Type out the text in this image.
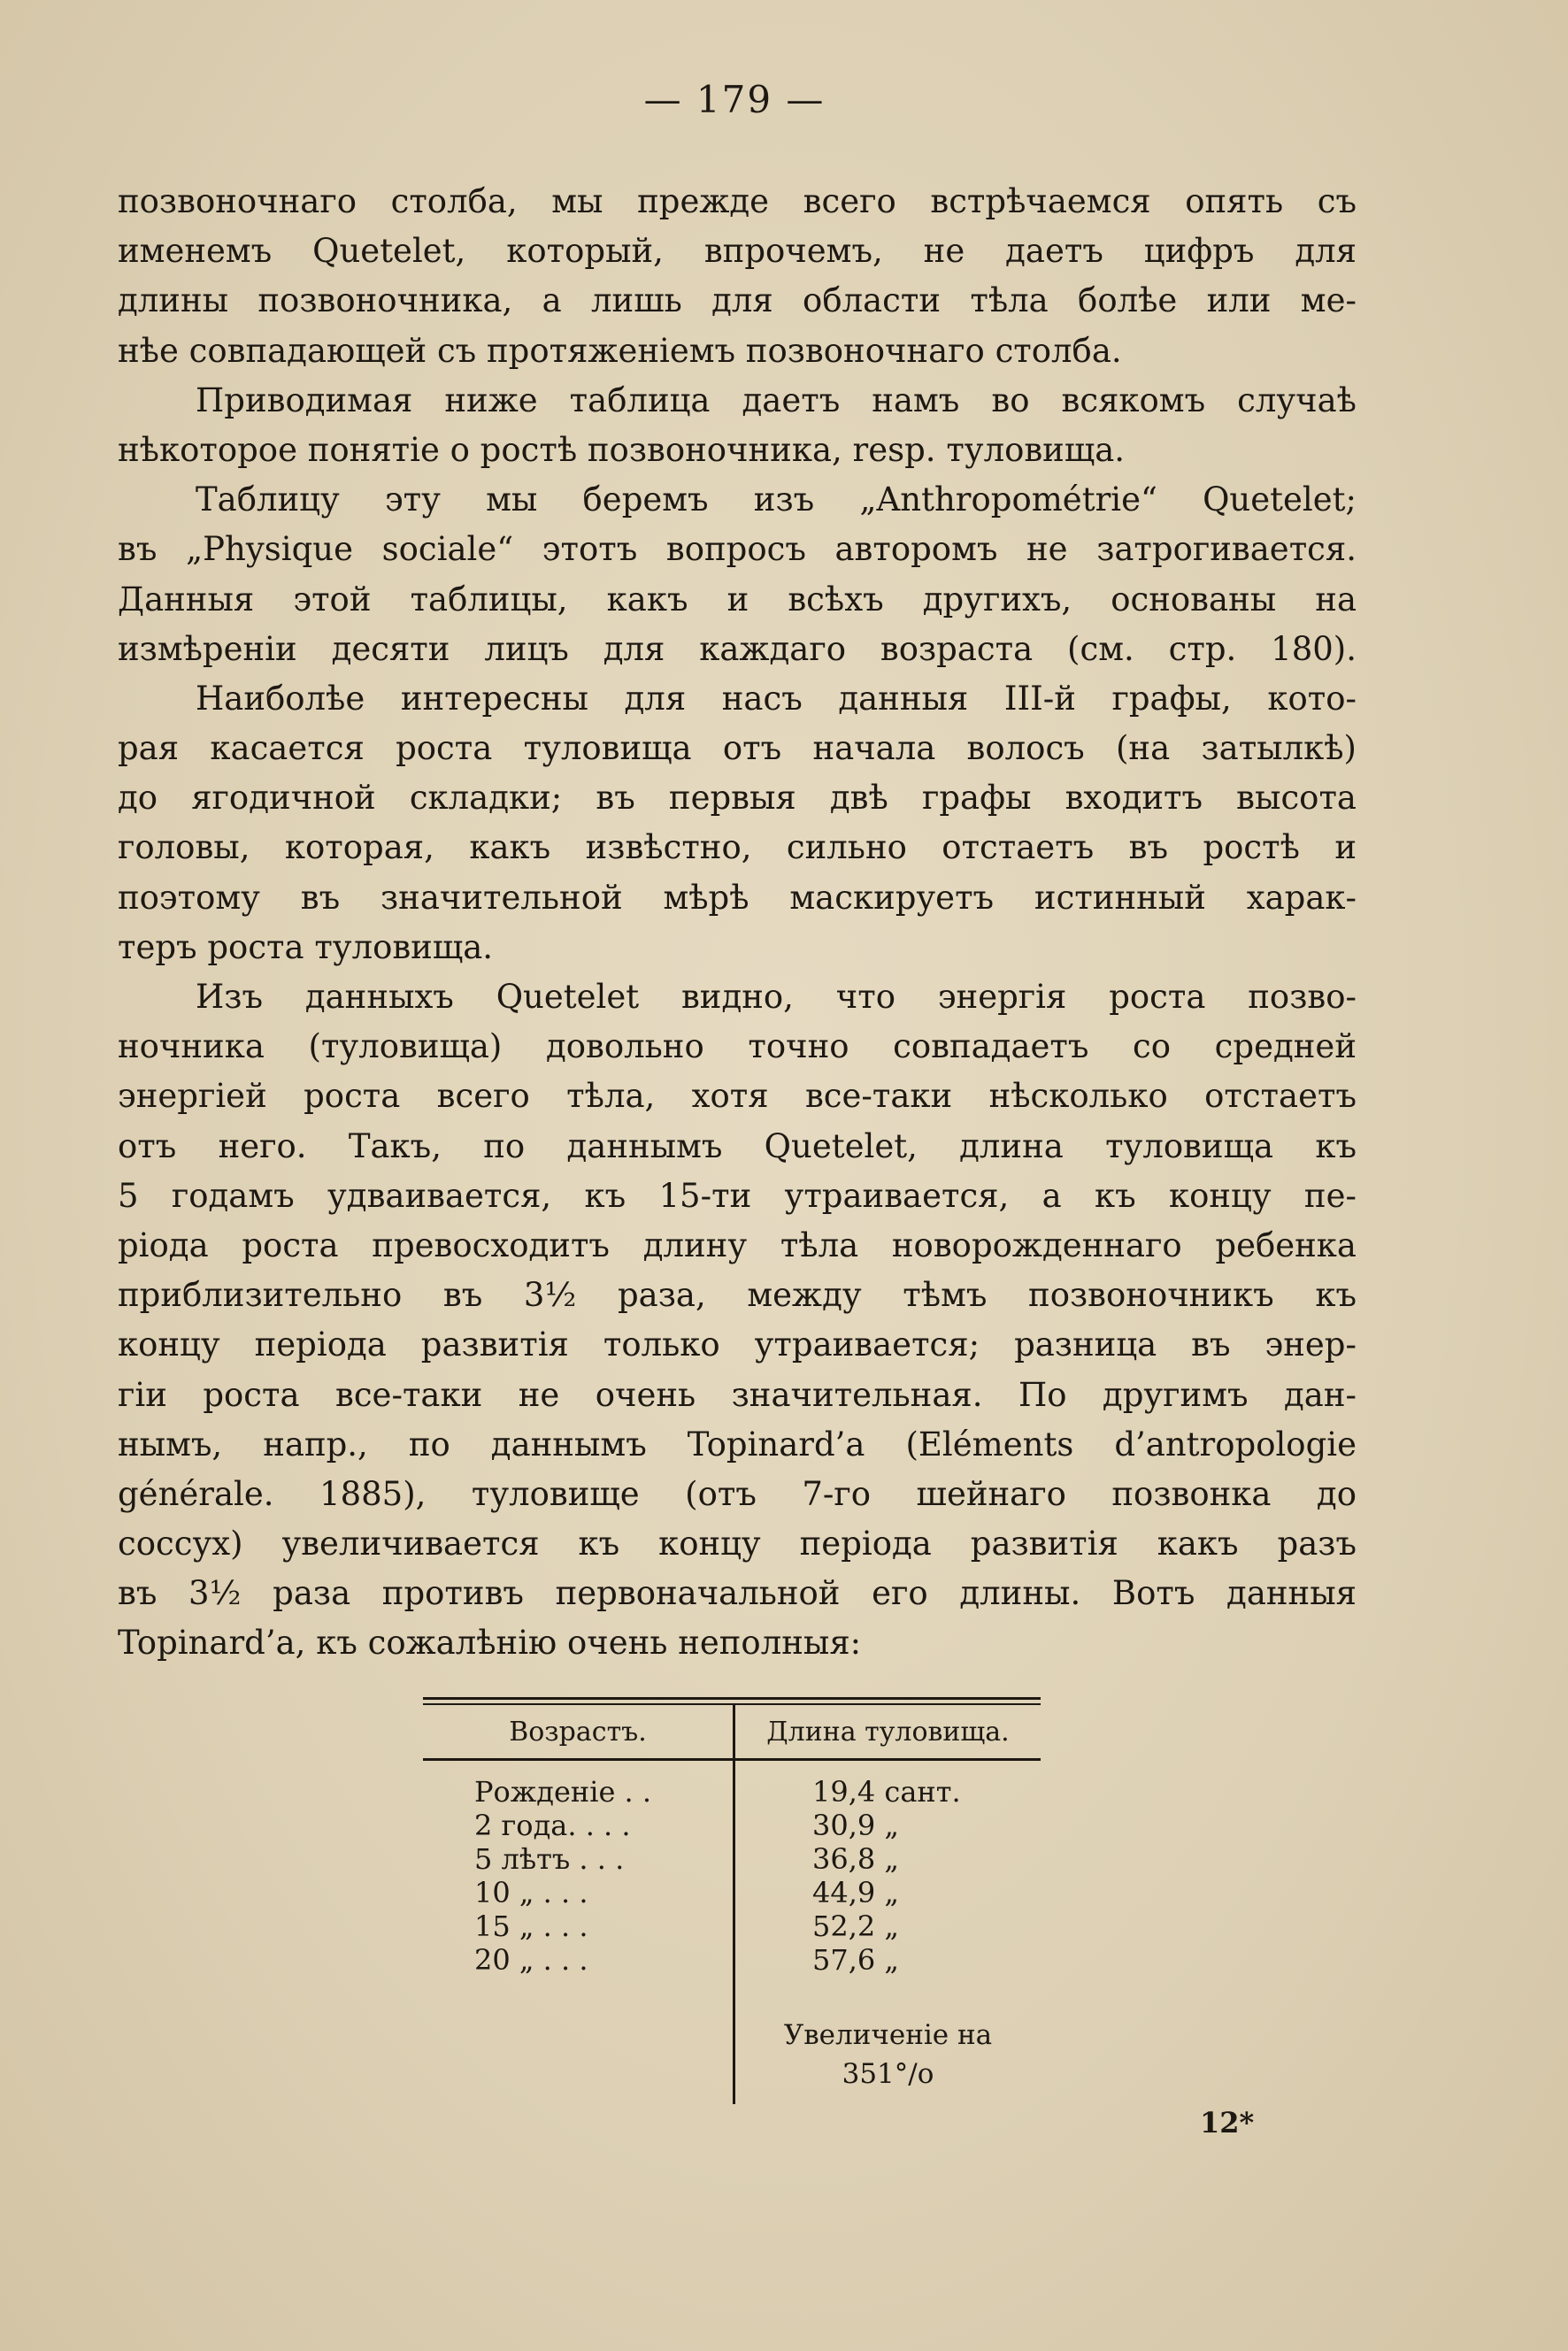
— 179 —
позвоночнаго столба, мы прежде всего встрѣчаемся опять съ
именемъ Quetelet, который, впрочемъ, не даетъ цифръ для
длины позвоночника, а лишь для области тѣла болѣе или ме-
нѣе совпадающей съ протяженіемъ позвоночнаго столба.
Приводимая ниже таблица даетъ намъ во всякомъ случаѣ
нѣкоторое понятіе о ростѣ позвоночника, resp. туловища.
Таблицу эту мы беремъ изъ „Anthropométrie“ Quetelet;
въ „Physique sociale“ этотъ вопросъ авторомъ не затрогивается.
Данныя этой таблицы, какъ и всѣхъ другихъ, основаны на
измѣреніи десяти лицъ для каждаго возраста (см. стр. 180).
Наиболѣе интересны для насъ данныя III-й графы, кото-
рая касается роста туловища отъ начала волосъ (на затылкѣ)
до ягодичной складки; въ первыя двѣ графы входитъ высота
головы, которая, какъ извѣстно, сильно отстаетъ въ ростѣ и
поэтому въ значительной мѣрѣ маскируетъ истинный харак-
теръ роста туловища.
Изъ данныхъ Quetelet видно, что энергія роста позво-
ночника (туловища) довольно точно совпадаетъ со средней
энергіей роста всего тѣла, хотя все-таки нѣсколько отстаетъ
отъ него. Такъ, по даннымъ Quetelet, длина туловища къ
5 годамъ удваивается, къ 15-ти утраивается, а къ концу пе-
ріода роста превосходитъ длину тѣла новорожденнаго ребенка
приблизительно въ 3½ раза, между тѣмъ позвоночникъ къ
концу періода развитія только утраивается; разница въ энер-
гіи роста все-таки не очень значительная. По другимъ дан-
нымъ, напр., по даннымъ Topinard’a (Eléments d’antropologie
générale. 1885), туловище (отъ 7-го шейнаго позвонка до
соссух) увеличивается къ концу періода развитія какъ разъ
въ 3½ раза противъ первоначальной его длины. Вотъ данныя
Topinard’a, къ сожалѣнію очень неполныя:
Возрастъ.	Длина туловища.
Рожденіе . .
2 года. . . .
5 лѣтъ . . .
10 „ . . .
15 „ . . .
20 „ . . .
19,4 сант.
30,9 „
36,8 „
44,9 „
52,2 „
57,6 „
Увеличеніе на
351°/o
12*
